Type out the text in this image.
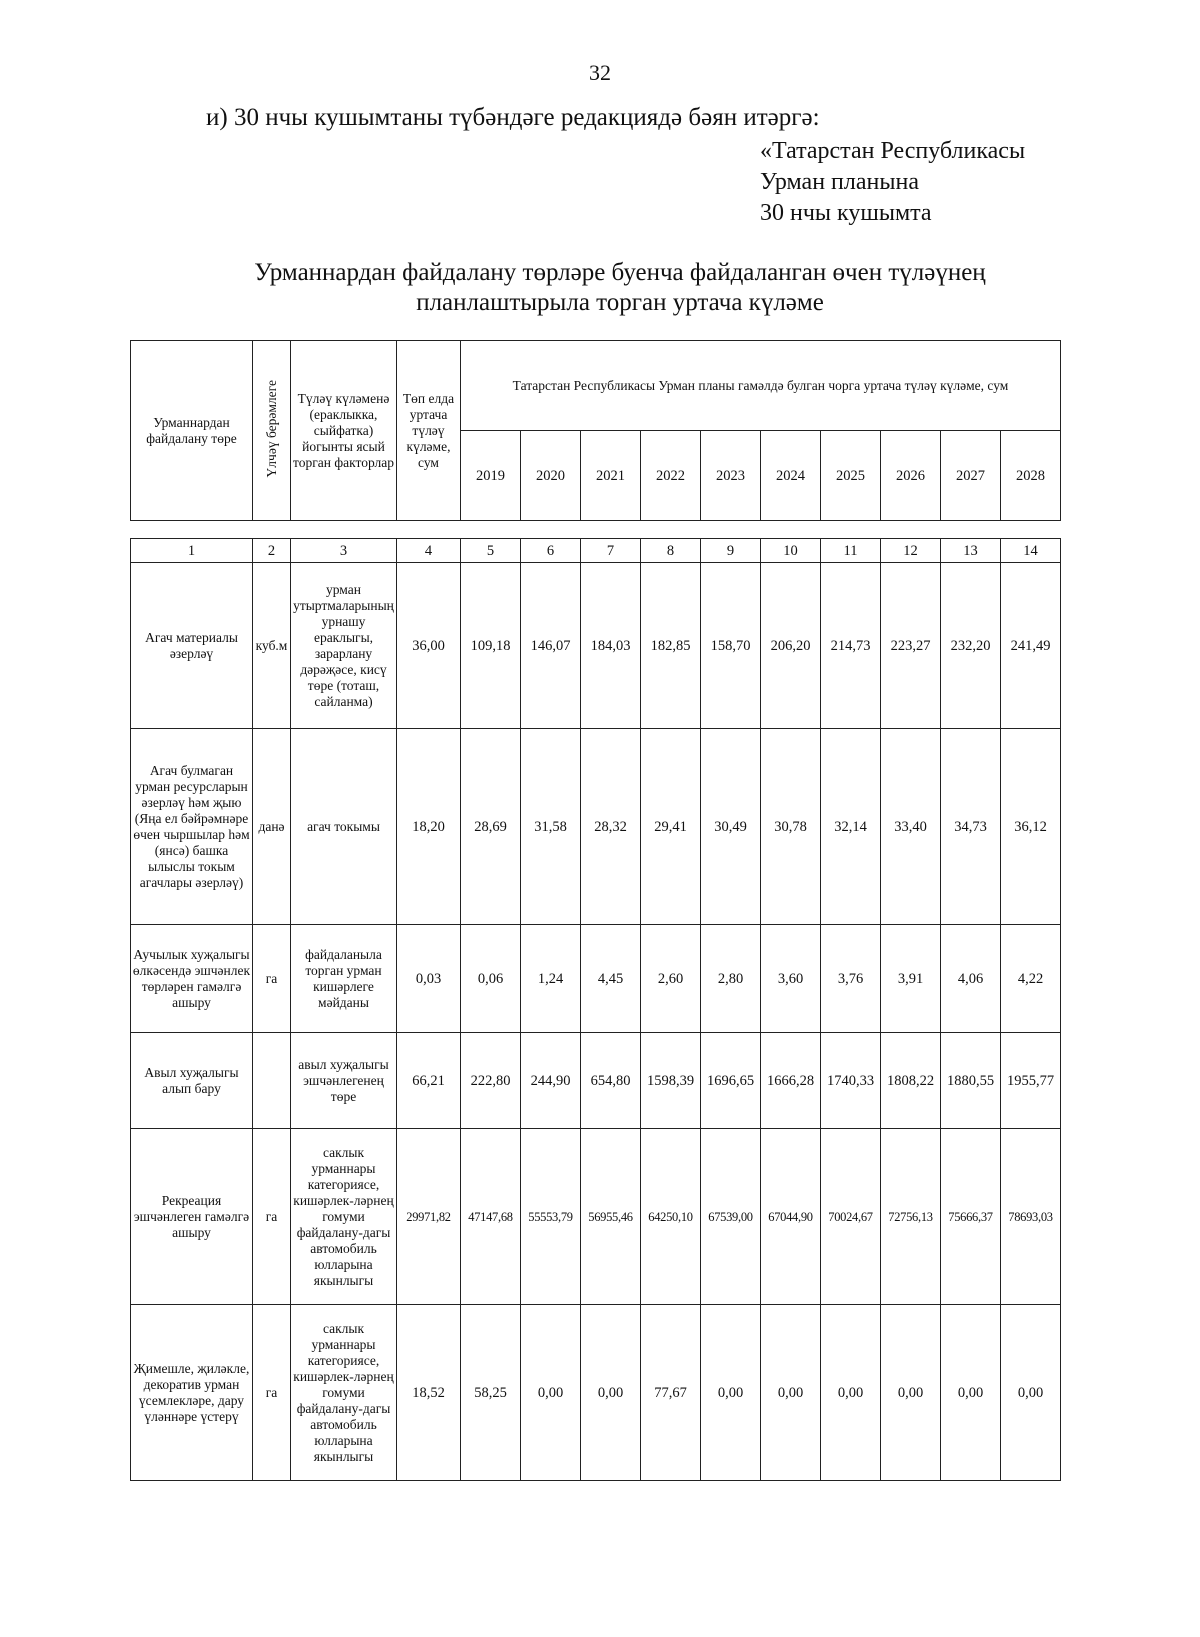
32
и) 30 нчы кушымтаны түбәндәге редакциядә бәян итәргә:
«Татарстан Республикасы
Урман планына
30 нчы кушымта
Урманнардан файдалану төрләре буенча файдаланган өчен түләүнең
планлаштырыла торган уртача күләме
Урманнардан файдалану төре	Үлчәү берәмлеге	Түләү күләменә (ераклыкка, сыйфатка) йогынты ясый торган факторлар	Төп елда уртача түләү күләме, сум	Татарстан Республикасы Урман планы гамәлдә булган чорга уртача түләү күләме, сум									
				2019	2020	2021	2022	2023	2024	2025	2026	2027	2028
1	2	3	4	5	6	7	8	9	10	11	12	13	14
Агач материалы әзерләү	куб.м	урман утыртмаларының урнашу ераклыгы, зарарлану дәрәҗәсе, кисү төре (тоташ, сайланма)	36,00	109,18	146,07	184,03	182,85	158,70	206,20	214,73	223,27	232,20	241,49
Агач булмаган урман ресурсларын әзерләү һәм җыю (Яңа ел бәйрәмнәре өчен чыршылар һәм (янсә) башка ылыслы токым агачлары әзерләү)	данә	агач токымы	18,20	28,69	31,58	28,32	29,41	30,49	30,78	32,14	33,40	34,73	36,12
Аучылык хуҗалыгы өлкәсендә эшчәнлек төрләрен гамәлгә ашыру	га	файдаланыла торган урман кишәрлеге мәйданы	0,03	0,06	1,24	4,45	2,60	2,80	3,60	3,76	3,91	4,06	4,22
Авыл хуҗалыгы алып бару		авыл хуҗалыгы эшчәнлегенең төре	66,21	222,80	244,90	654,80	1598,39	1696,65	1666,28	1740,33	1808,22	1880,55	1955,77
Рекреация эшчәнлеген гамәлгә ашыру	га	саклык урманнары категориясе, кишәрлек-ләрнең гомуми файдалану-дагы автомобиль юлларына якынлыгы	29971,82	47147,68	55553,79	56955,46	64250,10	67539,00	67044,90	70024,67	72756,13	75666,37	78693,03
Җимешле, җиләкле, декоратив урман үсемлекләре, дару үләннәре үстерү	га	саклык урманнары категориясе, кишәрлек-ләрнең гомуми файдалану-дагы автомобиль юлларына якынлыгы	18,52	58,25	0,00	0,00	77,67	0,00	0,00	0,00	0,00	0,00	0,00
